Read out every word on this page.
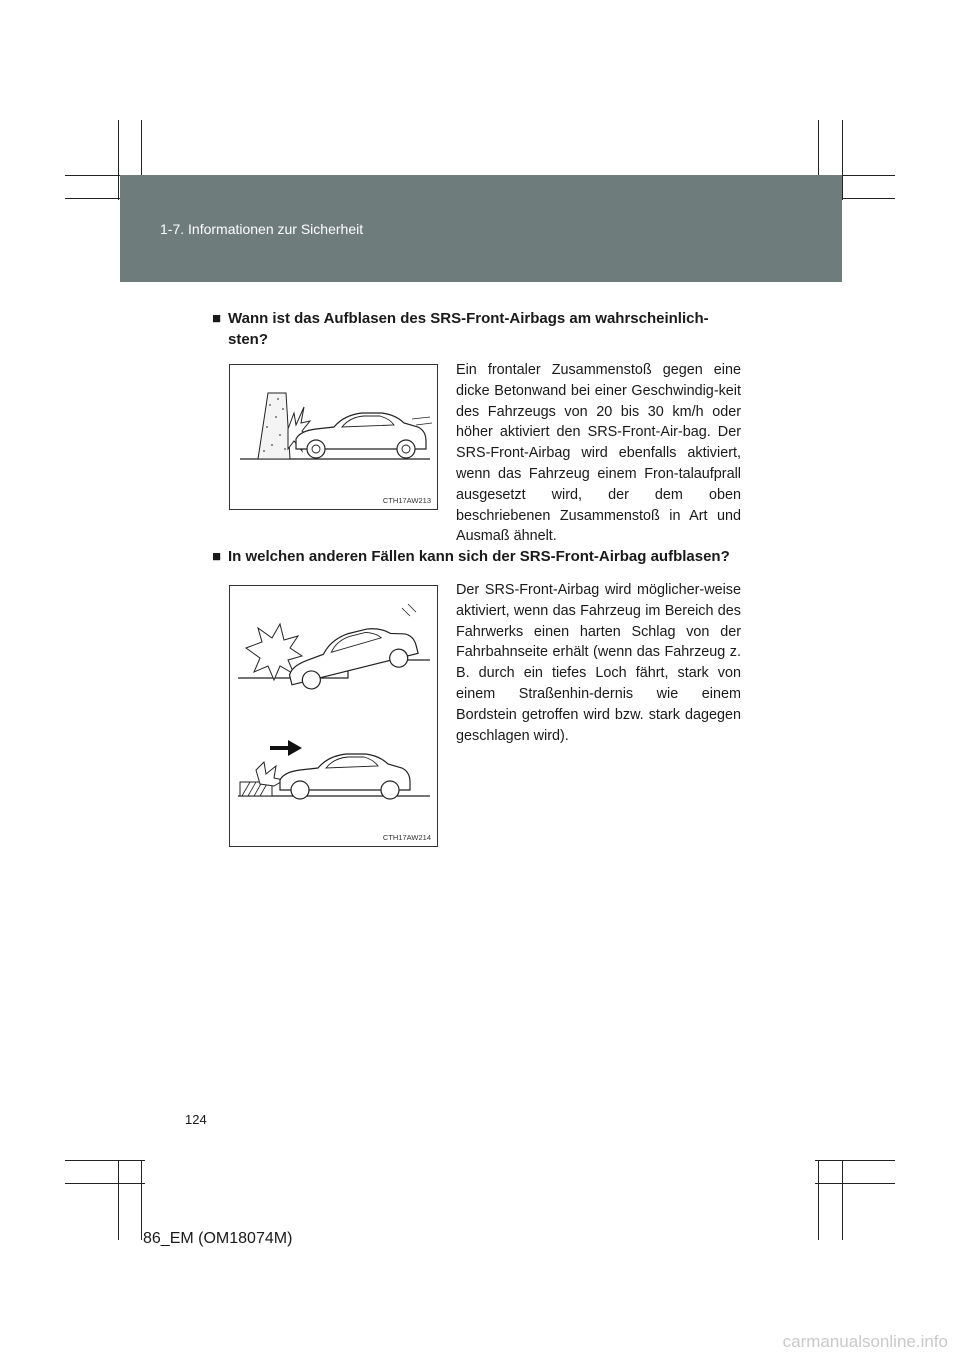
1-7. Informationen zur Sicherheit
■ Wann ist das Aufblasen des SRS-Front-Airbags am wahrscheinlich-
sten?
CTH17AW213
Ein frontaler Zusammenstoß gegen eine dicke Betonwand bei einer Geschwindig-keit des Fahrzeugs von 20 bis 30 km/h oder höher aktiviert den SRS-Front-Air-bag. Der SRS-Front-Airbag wird ebenfalls aktiviert, wenn das Fahrzeug einem Fron-talaufprall ausgesetzt wird, der dem oben beschriebenen Zusammenstoß in Art und Ausmaß ähnelt.
■ In welchen anderen Fällen kann sich der SRS-Front-Airbag aufblasen?
CTH17AW214
Der SRS-Front-Airbag wird möglicher-weise aktiviert, wenn das Fahrzeug im Bereich des Fahrwerks einen harten Schlag von der Fahrbahnseite erhält (wenn das Fahrzeug z. B. durch ein tiefes Loch fährt, stark von einem Straßenhin-dernis wie einem Bordstein getroffen wird bzw. stark dagegen geschlagen wird).
124
86_EM (OM18074M)
carmanualsonline.info
